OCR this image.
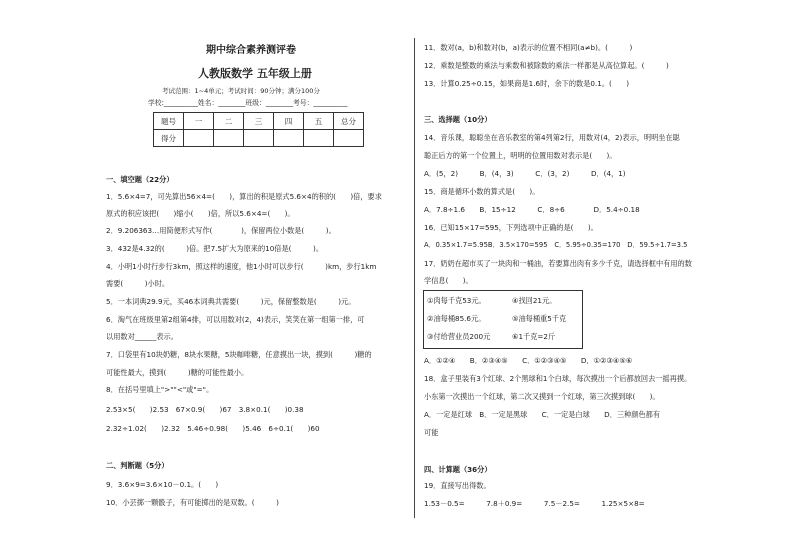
期中综合素养测评卷
人教版数学 五年级上册
考试范围：1~4单元；考试时间：90分钟；满分100分
学校:__________姓名：________班级：________考号：__________
题号	一	二	三	四	五	总分
得分						
一、填空题（22分）
1．5.6×4=7，可先算出56×4=(　　)，算出的积是原式5.6×4的积的(　　)倍，要求
原式的积应该把(　　)缩小(　　)倍，所以5.6×4=(　　)。
2．9.206363…用简便形式写作(　　　　)，保留两位小数是(　　　)。
3．432是4.32的(　　　)倍。把7.5扩大为原来的10倍是(　　　)。
4．小明1小时行步行3km，照这样的速度，他1小时可以步行(　　　)km，步行1km
需要(　　　)小时。
5．一本词典29.9元，买46本词典共需要(　　　)元，保留整数是(　　　)元。
6．淘气在班级里第2组第4排，可以用数对(2，4)表示，笑笑在第一组第一排，可
以用数对______表示。
7．口袋里有10块奶糖，8块水果糖，5块咖啡糖，任意摸出一块，摸到(　　　)糖的
可能性最大，摸到(　　　)糖的可能性最小。
8．在括号里填上">""<"或"="。
2.53×5(　　)2.53　67×0.9(　　)67　3.8×0.1(　　)0.38
2.32÷1.02(　　)2.32　5.46÷0.98(　　)5.46　6÷0.1(　　)60
二、判断题（5分）
9．3.6×9=3.6×10－0.1。(　　)
10．小芸掷一颗骰子，有可能掷出的是双数。(　　　)
11．数对(a，b)和数对(b，a)表示的位置不相同(a≠b)。(　　　)
12．乘数是整数的乘法与乘数和被除数的乘法一样都是从高位算起。(　　　)
13．计算0.25÷0.15，如果商是1.6时，余下的数是0.1。(　　)
三、选择题（10分）
14．音乐课，聪聪坐在音乐教室的第4列第2行，用数对(4，2)表示，明明坐在聪
聪正后方的第一个位置上，明明的位置用数对表示是(　　)。
A．(5，2)　　　B．(4，3)　　　C．(3，2)　　　D．(4，1)
15．商是循环小数的算式是(　　)。
A．7.8÷1.6　　B．15÷12　　　C．8÷6　　　　D．5.4÷0.18
16．已知15×17=595，下列选项中正确的是(　　)。
A．0.35×1.7=5.95B．3.5×170=595　C．5.95÷0.35=170　D．59.5÷1.7=3.5
17．奶奶在超市买了一块肉和一桶油，若要算出肉有多少千克，请选择框中有用的数
学信息(　　)。
①肉每千克53元。	④找回21元。
②油每桶85.6元。	⑤油每桶重5千克
③付给营业员200元	⑥1千克=2斤
A．①②④　　B．②③④⑤　　C．①②③④⑤　　D．①②③④⑤⑥
18．盒子里装有3个红球、2个黑球和1个白球，每次摸出一个后都放回去一摇再摸。
小东第一次摸出一个红球，第二次又摸到一个红球，第三次摸到球(　　)。
A．一定是红球　B．一定是黑球　　C．一定是白球　　D．三种颜色都有
可能
四、计算题（36分）
19．直接写出得数。
1.53－0.5=　　　7.8＋0.9=　　　7.5－2.5=　　　1.25×5×8=
